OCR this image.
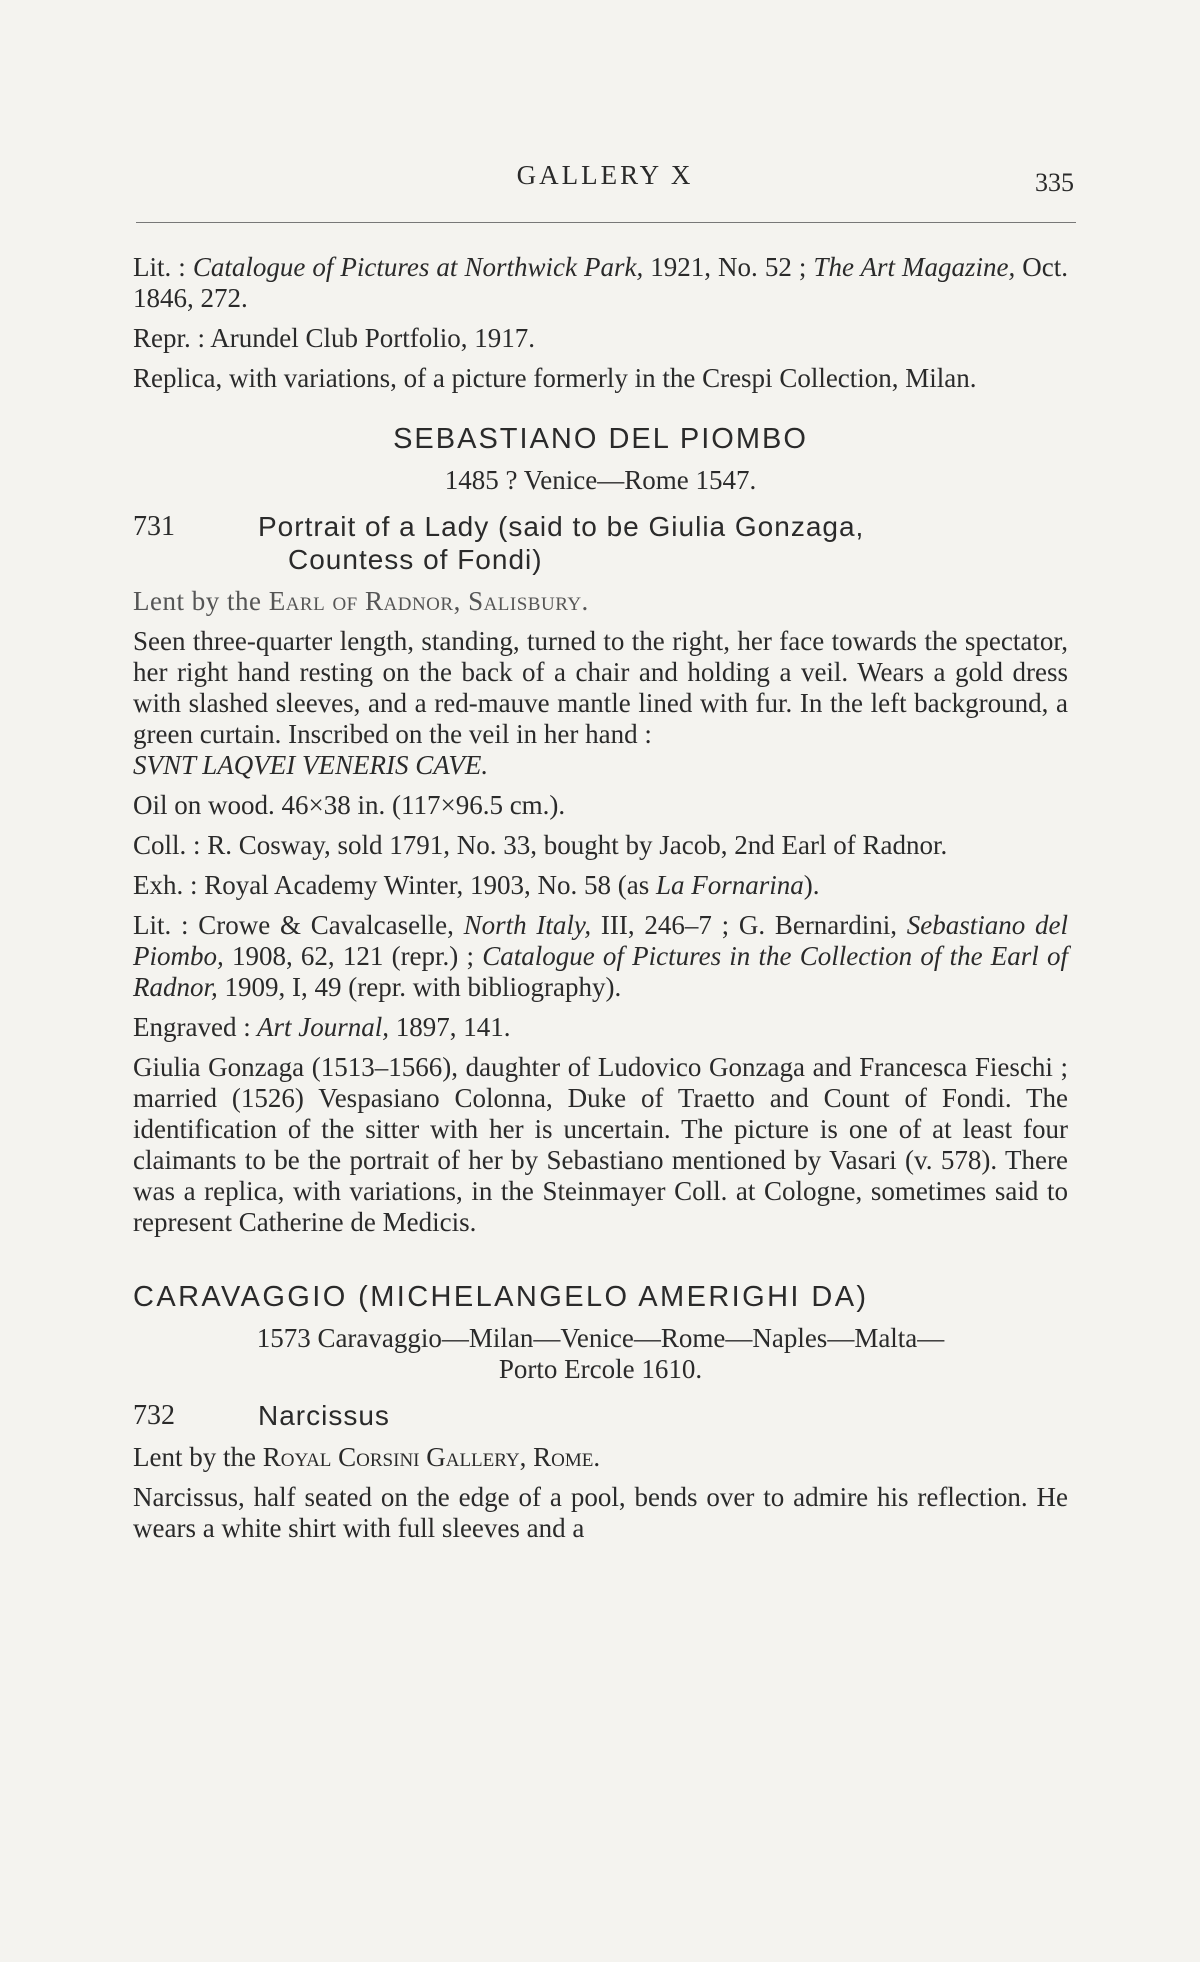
GALLERY X	335

Lit. : Catalogue of Pictures at Northwick Park, 1921, No. 52 ; The Art Magazine, Oct. 1846, 272.

Repr. : Arundel Club Portfolio, 1917.

Replica, with variations, of a picture formerly in the Crespi Collection, Milan.

SEBASTIANO DEL PIOMBO
1485 ? Venice—Rome 1547.
731	Portrait of a Lady (said to be Giulia Gonzaga,
Countess of Fondi)

Lent by the Earl of Radnor, Salisbury.

Seen three-quarter length, standing, turned to the right, her face towards the spectator, her right hand resting on the back of a chair and holding a veil. Wears a gold dress with slashed sleeves, and a red-mauve mantle lined with fur. In the left background, a green curtain. Inscribed on the veil in her hand :
SVNT LAQVEI VENERIS CAVE.

Oil on wood. 46×38 in. (117×96.5 cm.).

Coll. : R. Cosway, sold 1791, No. 33, bought by Jacob, 2nd Earl of Radnor.

Exh. : Royal Academy Winter, 1903, No. 58 (as La Fornarina).

Lit. : Crowe & Cavalcaselle, North Italy, III, 246–7 ; G. Bernardini, Sebastiano del Piombo, 1908, 62, 121 (repr.) ; Catalogue of Pictures in the Collection of the Earl of Radnor, 1909, I, 49 (repr. with bibliography).

Engraved : Art Journal, 1897, 141.

Giulia Gonzaga (1513–1566), daughter of Ludovico Gonzaga and Francesca Fieschi ; married (1526) Vespasiano Colonna, Duke of Traetto and Count of Fondi. The identification of the sitter with her is uncertain. The picture is one of at least four claimants to be the portrait of her by Sebastiano mentioned by Vasari (v. 578). There was a replica, with variations, in the Steinmayer Coll. at Cologne, sometimes said to represent Catherine de Medicis.

CARAVAGGIO (MICHELANGELO AMERIGHI DA)
1573 Caravaggio—Milan—Venice—Rome—Naples—Malta—
Porto Ercole 1610.
732	Narcissus

Lent by the Royal Corsini Gallery, Rome.

Narcissus, half seated on the edge of a pool, bends over to admire his reflection. He wears a white shirt with full sleeves and a
